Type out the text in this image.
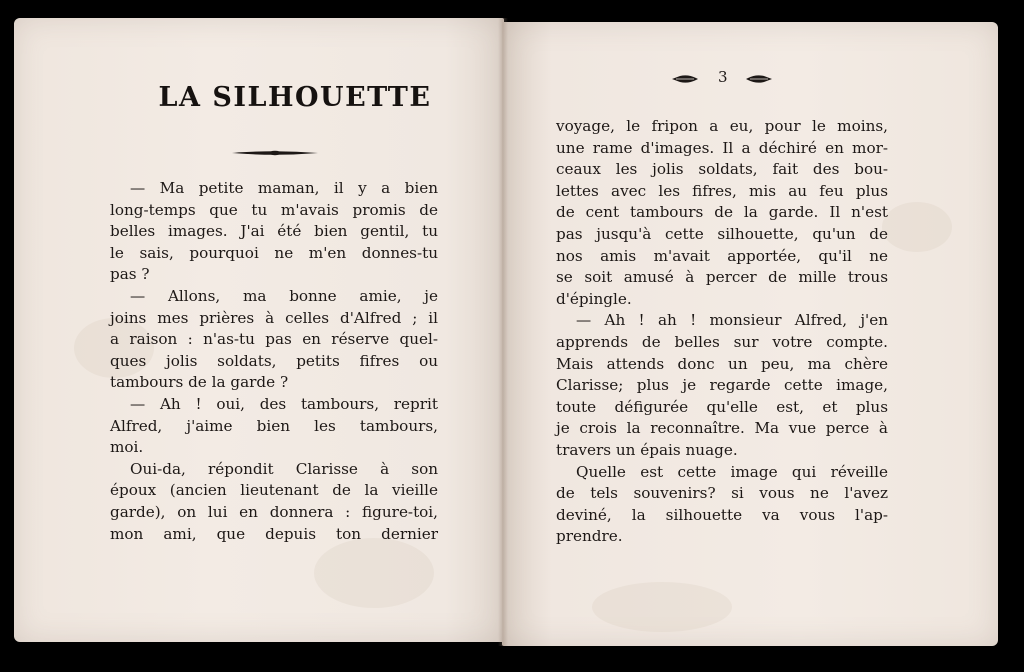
LA SILHOUETTE
— Ma petite maman, il y a bien
long-temps que tu m'avais promis de
belles images. J'ai été bien gentil, tu
le sais, pourquoi ne m'en donnes-tu
pas ?
— Allons, ma bonne amie, je
joins mes prières à celles d'Alfred ; il
a raison : n'as-tu pas en réserve quel-
ques jolis soldats, petits fifres ou
tambours de la garde ?
— Ah ! oui, des tambours, reprit
Alfred, j'aime bien les tambours,
moi.
Oui-da, répondit Clarisse à son
époux (ancien lieutenant de la vieille
garde), on lui en donnera : figure-toi,
mon ami, que depuis ton dernier
3
voyage, le fripon a eu, pour le moins,
une rame d'images. Il a déchiré en mor-
ceaux les jolis soldats, fait des bou-
lettes avec les fifres, mis au feu plus
de cent tambours de la garde. Il n'est
pas jusqu'à cette silhouette, qu'un de
nos amis m'avait apportée, qu'il ne
se soit amusé à percer de mille trous
d'épingle.
— Ah ! ah ! monsieur Alfred, j'en
apprends de belles sur votre compte.
Mais attends donc un peu, ma chère
Clarisse; plus je regarde cette image,
toute défigurée qu'elle est, et plus
je crois la reconnaître. Ma vue perce à
travers un épais nuage.
Quelle est cette image qui réveille
de tels souvenirs? si vous ne l'avez
deviné, la silhouette va vous l'ap-
prendre.
